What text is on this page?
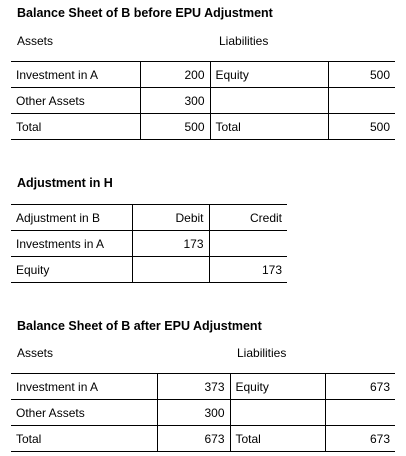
Balance Sheet of B before EPU Adjustment
Assets	Liabilities
Investment in A	200	Equity	500
Other Assets	300		
Total	500	Total	500
Adjustment in H
Adjustment in B	Debit	Credit
Investments in A	173	
Equity		173
Balance Sheet of B after EPU Adjustment
Assets	Liabilities
Investment in A	373	Equity	673
Other Assets	300		
Total	673	Total	673
